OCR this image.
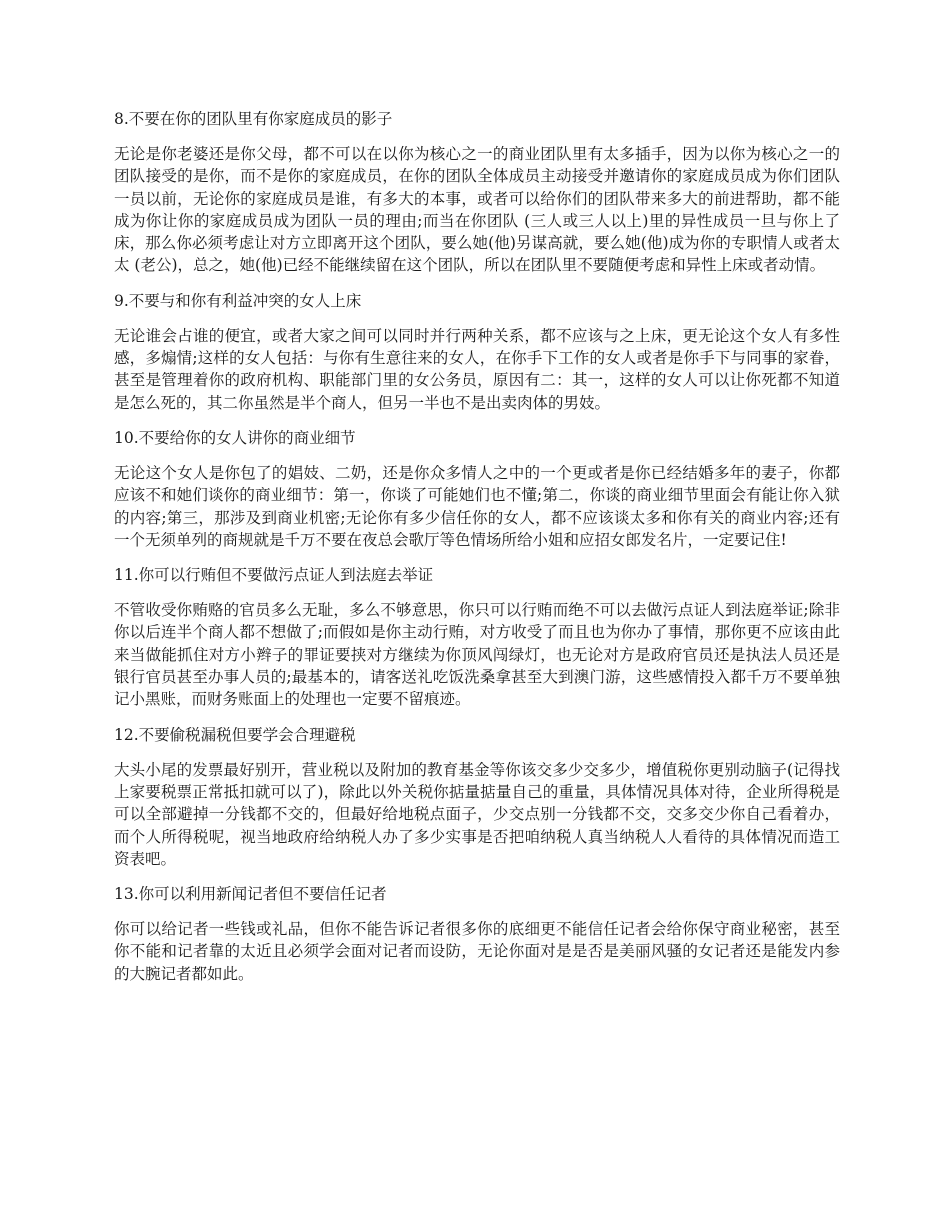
8.不要在你的团队里有你家庭成员的影子

无论是你老婆还是你父母，都不可以在以你为核心之一的商业团队里有太多插手，因为以你为核心之一的团队接受的是你，而不是你的家庭成员，在你的团队全体成员主动接受并邀请你的家庭成员成为你们团队一员以前，无论你的家庭成员是谁，有多大的本事，或者可以给你们的团队带来多大的前进帮助，都不能成为你让你的家庭成员成为团队一员的理由;而当在你团队 (三人或三人以上)里的异性成员一旦与你上了床，那么你必须考虑让对方立即离开这个团队，要么她(他)另谋高就，要么她(他)成为你的专职情人或者太太 (老公)，总之，她(他)已经不能继续留在这个团队，所以在团队里不要随便考虑和异性上床或者动情。

9.不要与和你有利益冲突的女人上床

无论谁会占谁的便宜，或者大家之间可以同时并行两种关系，都不应该与之上床，更无论这个女人有多性感，多煽情;这样的女人包括：与你有生意往来的女人，在你手下工作的女人或者是你手下与同事的家眷，甚至是管理着你的政府机构、职能部门里的女公务员，原因有二：其一，这样的女人可以让你死都不知道是怎么死的，其二你虽然是半个商人，但另一半也不是出卖肉体的男妓。

10.不要给你的女人讲你的商业细节

无论这个女人是你包了的娼妓、二奶，还是你众多情人之中的一个更或者是你已经结婚多年的妻子，你都应该不和她们谈你的商业细节：第一，你谈了可能她们也不懂;第二，你谈的商业细节里面会有能让你入狱的内容;第三，那涉及到商业机密;无论你有多少信任你的女人，都不应该谈太多和你有关的商业内容;还有一个无须单列的商规就是千万不要在夜总会歌厅等色情场所给小姐和应招女郎发名片，一定要记住!

11.你可以行贿但不要做污点证人到法庭去举证

不管收受你贿赂的官员多么无耻，多么不够意思，你只可以行贿而绝不可以去做污点证人到法庭举证;除非你以后连半个商人都不想做了;而假如是你主动行贿，对方收受了而且也为你办了事情，那你更不应该由此来当做能抓住对方小辫子的罪证要挟对方继续为你顶风闯绿灯，也无论对方是政府官员还是执法人员还是银行官员甚至办事人员的;最基本的，请客送礼吃饭洗桑拿甚至大到澳门游，这些感情投入都千万不要单独记小黑账，而财务账面上的处理也一定要不留痕迹。

12.不要偷税漏税但要学会合理避税

大头小尾的发票最好别开，营业税以及附加的教育基金等你该交多少交多少，增值税你更别动脑子(记得找上家要税票正常抵扣就可以了)，除此以外关税你掂量掂量自己的重量，具体情况具体对待，企业所得税是可以全部避掉一分钱都不交的，但最好给地税点面子，少交点别一分钱都不交，交多交少你自己看着办，而个人所得税呢，视当地政府给纳税人办了多少实事是否把咱纳税人真当纳税人人看待的具体情况而造工资表吧。

13.你可以利用新闻记者但不要信任记者

你可以给记者一些钱或礼品，但你不能告诉记者很多你的底细更不能信任记者会给你保守商业秘密，甚至你不能和记者靠的太近且必须学会面对记者而设防，无论你面对是是否是美丽风骚的女记者还是能发内参的大腕记者都如此。
